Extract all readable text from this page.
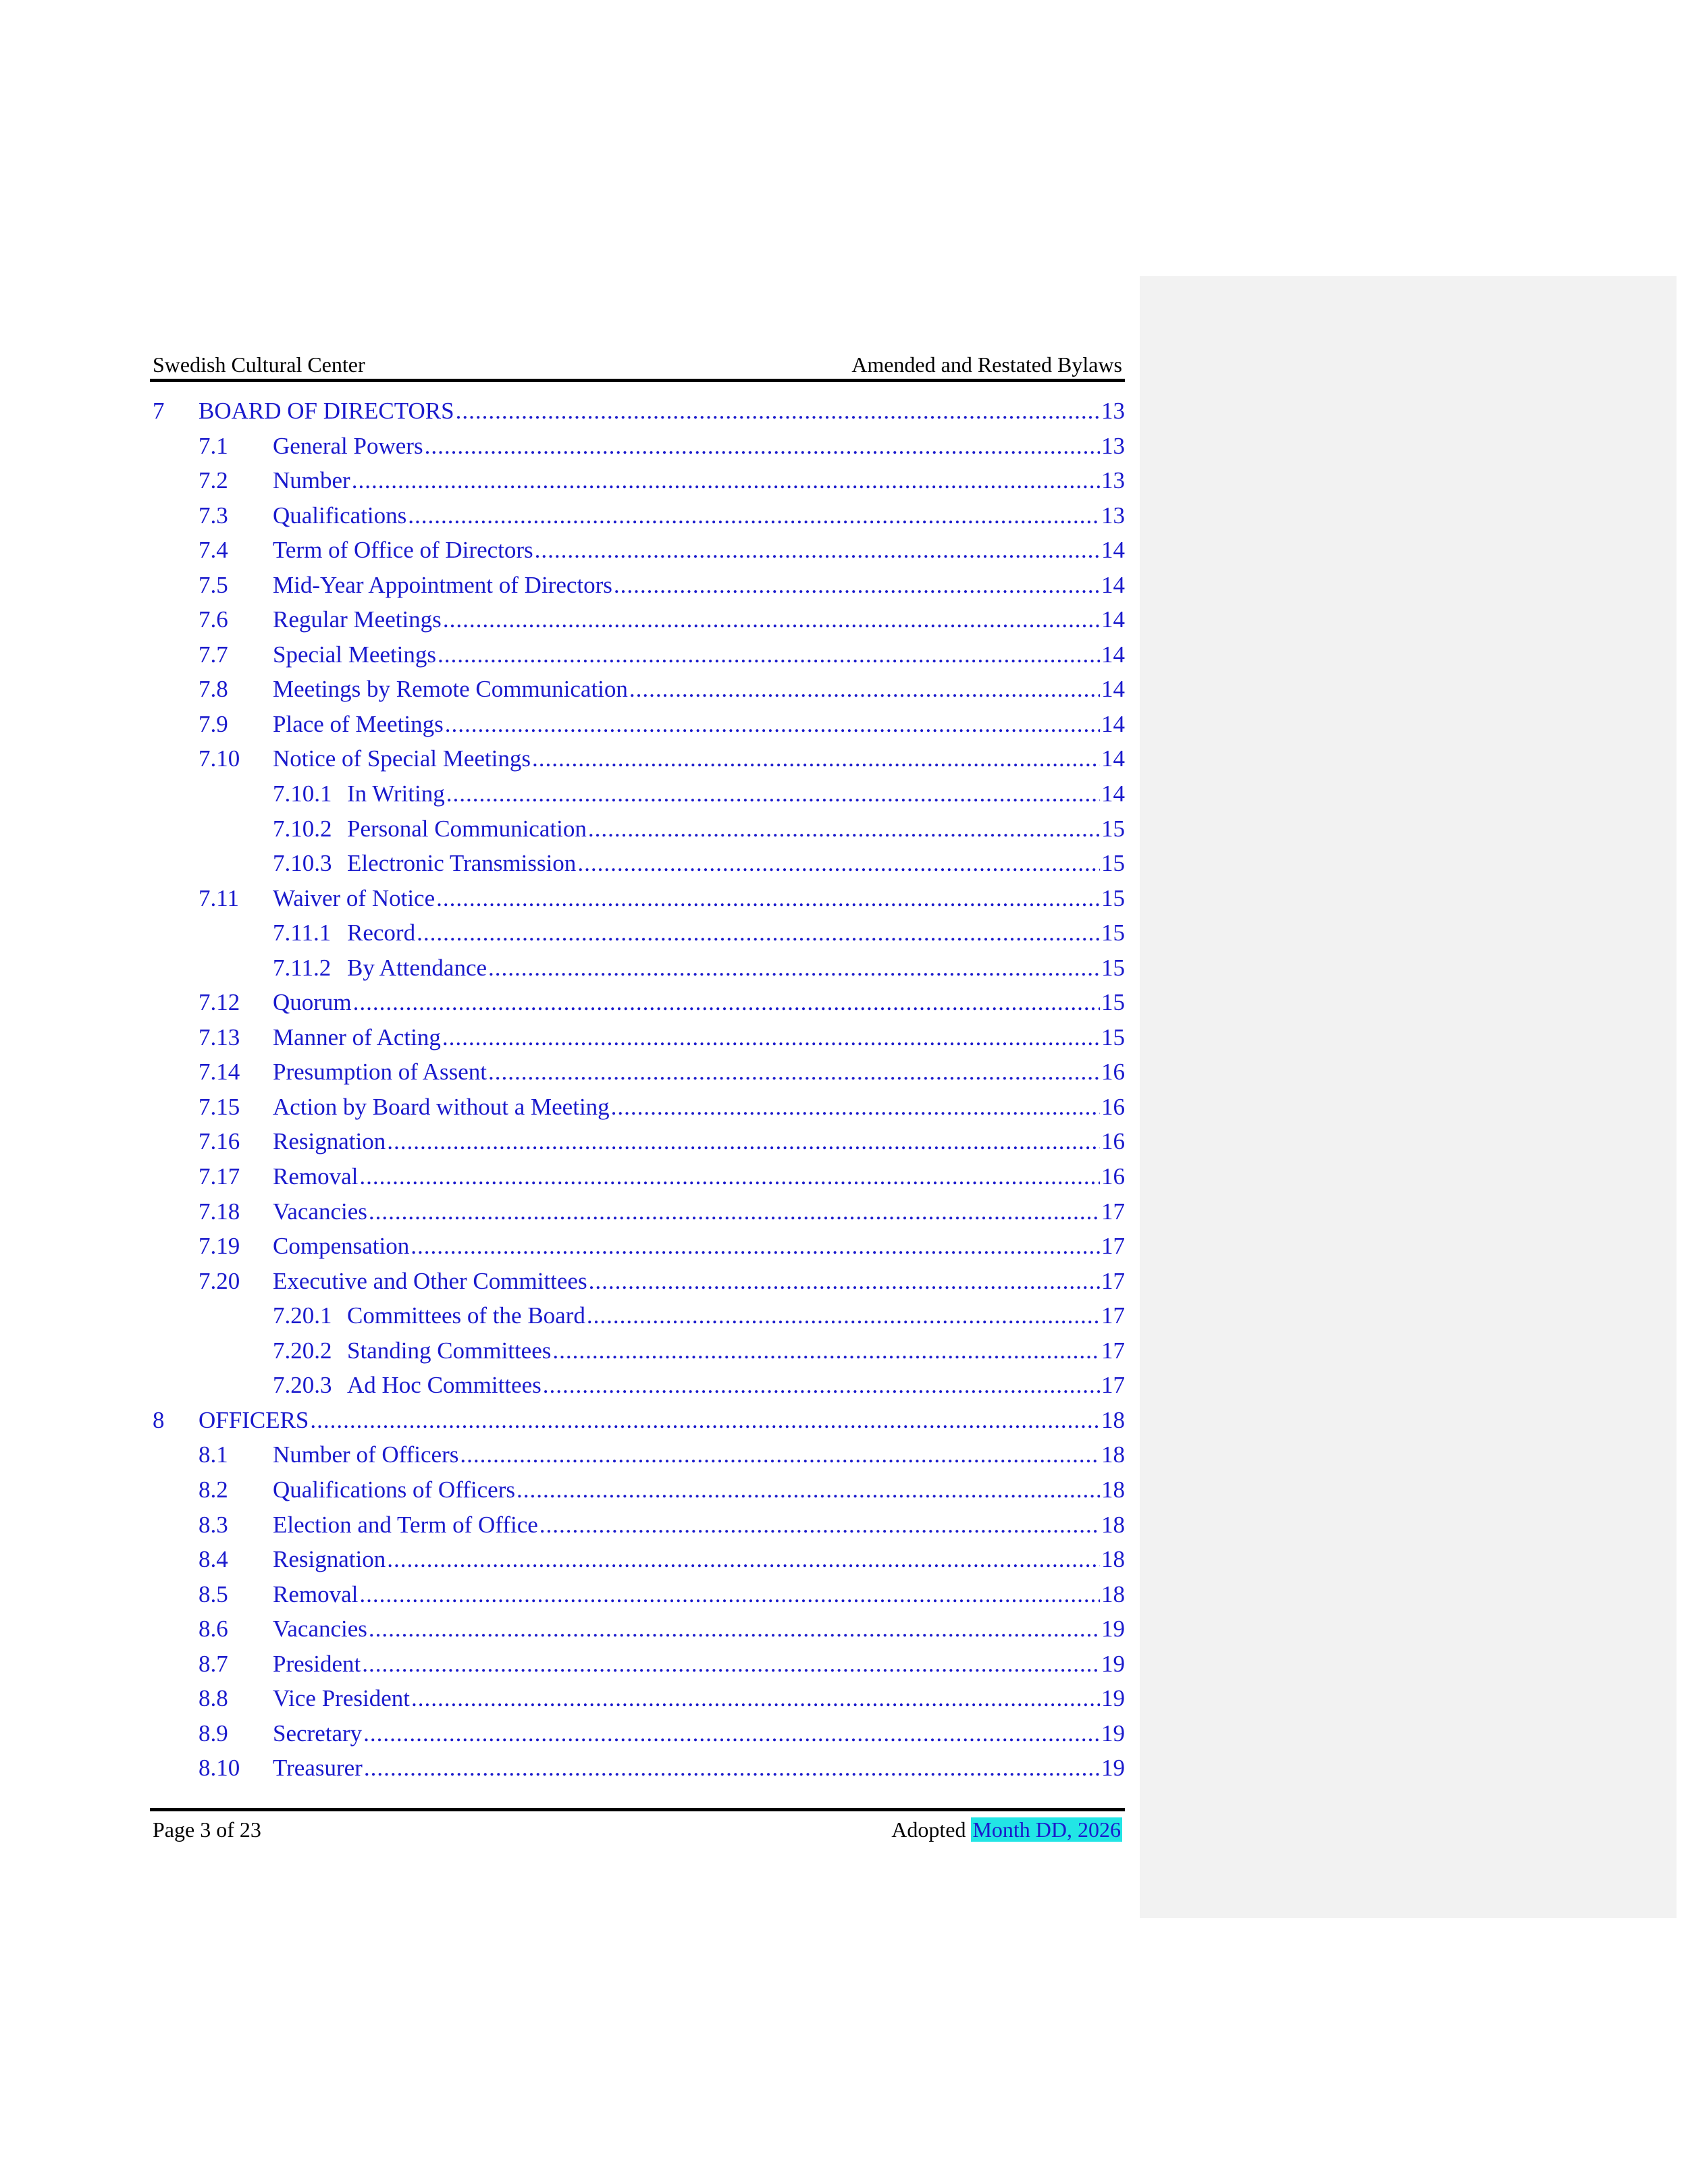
Swedish Cultural Center	Amended and Restated Bylaws
7	BOARD OF DIRECTORS .....	13
7.1	General Powers .....	13
7.2	Number .....	13
7.3	Qualifications .....	13
7.4	Term of Office of Directors .....	14
7.5	Mid-Year Appointment of Directors .....	14
7.6	Regular Meetings .....	14
7.7	Special Meetings .....	14
7.8	Meetings by Remote Communication .....	14
7.9	Place of Meetings .....	14
7.10	Notice of Special Meetings .....	14
7.10.1 In Writing .....	14
7.10.2 Personal Communication .....	15
7.10.3 Electronic Transmission .....	15
7.11	Waiver of Notice .....	15
7.11.1 Record .....	15
7.11.2 By Attendance .....	15
7.12	Quorum .....	15
7.13	Manner of Acting .....	15
7.14	Presumption of Assent .....	16
7.15	Action by Board without a Meeting .....	16
7.16	Resignation .....	16
7.17	Removal .....	16
7.18	Vacancies .....	17
7.19	Compensation .....	17
7.20	Executive and Other Committees .....	17
7.20.1 Committees of the Board .....	17
7.20.2 Standing Committees .....	17
7.20.3 Ad Hoc Committees .....	17
8	OFFICERS .....	18
8.1	Number of Officers .....	18
8.2	Qualifications of Officers .....	18
8.3	Election and Term of Office .....	18
8.4	Resignation .....	18
8.5	Removal .....	18
8.6	Vacancies .....	19
8.7	President .....	19
8.8	Vice President .....	19
8.9	Secretary .....	19
8.10	Treasurer .....	19
Page 3 of 23	Adopted Month DD, 2026
